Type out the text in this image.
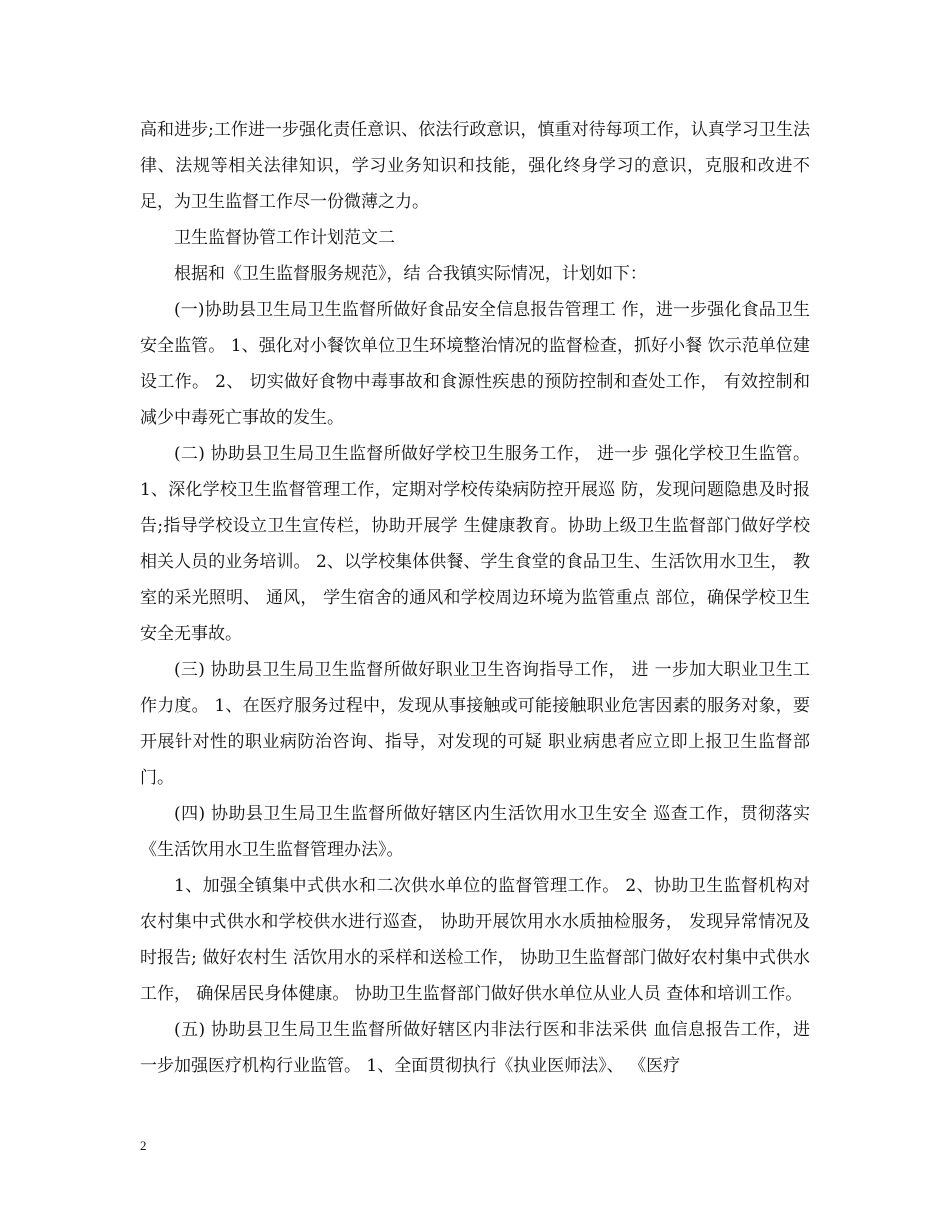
高和进步;工作进一步强化责任意识、依法行政意识，慎重对待每项工作，认真学习卫生法律、法规等相关法律知识，学习业务知识和技能，强化终身学习的意识，克服和改进不足，为卫生监督工作尽一份微薄之力。

卫生监督协管工作计划范文二

根据和《卫生监督服务规范》，结 合我镇实际情况，计划如下：

(一)协助县卫生局卫生监督所做好食品安全信息报告管理工 作，进一步强化食品卫生安全监管。 1、强化对小餐饮单位卫生环境整治情况的监督检查，抓好小餐 饮示范单位建设工作。 2、 切实做好食物中毒事故和食源性疾患的预防控制和查处工作， 有效控制和减少中毒死亡事故的发生。

(二) 协助县卫生局卫生监督所做好学校卫生服务工作， 进一步 强化学校卫生监管。 1、深化学校卫生监督管理工作，定期对学校传染病防控开展巡 防，发现问题隐患及时报告;指导学校设立卫生宣传栏，协助开展学 生健康教育。协助上级卫生监督部门做好学校相关人员的业务培训。 2、以学校集体供餐、学生食堂的食品卫生、生活饮用水卫生， 教室的采光照明、 通风， 学生宿舍的通风和学校周边环境为监管重点 部位，确保学校卫生安全无事故。

(三) 协助县卫生局卫生监督所做好职业卫生咨询指导工作， 进 一步加大职业卫生工作力度。 1、在医疗服务过程中，发现从事接触或可能接触职业危害因素的服务对象，要开展针对性的职业病防治咨询、指导，对发现的可疑 职业病患者应立即上报卫生监督部门。

(四) 协助县卫生局卫生监督所做好辖区内生活饮用水卫生安全 巡查工作，贯彻落实《生活饮用水卫生监督管理办法》。

1、加强全镇集中式供水和二次供水单位的监督管理工作。 2、协助卫生监督机构对农村集中式供水和学校供水进行巡查， 协助开展饮用水水质抽检服务， 发现异常情况及时报告; 做好农村生 活饮用水的采样和送检工作， 协助卫生监督部门做好农村集中式供水 工作， 确保居民身体健康。 协助卫生监督部门做好供水单位从业人员 查体和培训工作。

(五) 协助县卫生局卫生监督所做好辖区内非法行医和非法采供 血信息报告工作，进一步加强医疗机构行业监管。 1、全面贯彻执行《执业医师法》、 《医疗

2
